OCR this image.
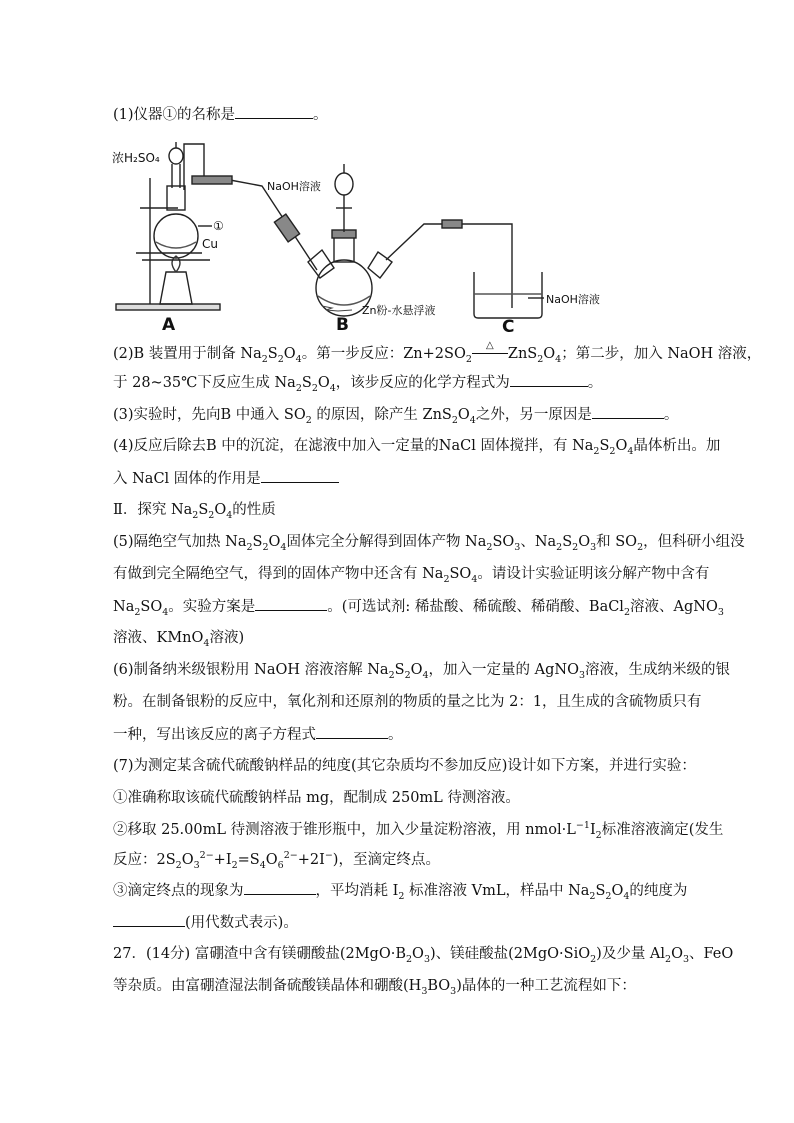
(1)仪器①的名称是	。
浓H₂SO₄
①
Cu
NaOH溶液
Zn粉-水悬浮液
NaOH溶液
A	B	C
(2)B 装置用于制备 $Na_2S_2O_4$。第一步反应：$Zn+2SO_2$
△
$ZnS_2O_4$；第二步，加入 NaOH 溶液，
于 28~35℃下反应生成 $Na_2S_2O_4$，该步反应的化学方程式为	。
(3)实验时，先向B 中通入 $SO_2$ 的原因，除产生 $ZnS_2O_4$之外，另一原因是	。
(4)反应后除去B 中的沉淀，在滤液中加入一定量的NaCl 固体搅拌，有 $Na_2S_2O_4$晶体析出。加
入 NaCl 固体的作用是
Ⅱ．探究 $Na_2S_2O_4$的性质
(5)隔绝空气加热 $Na_2S_2O_4$固体完全分解得到固体产物 $Na_2SO_3$、$Na_2S_2O_3$和 $SO_2$，但科研小组没
有做到完全隔绝空气，得到的固体产物中还含有 $Na_2SO_4$。请设计实验证明该分解产物中含有
$Na_2SO_4$。实验方案是	。(可选试剂: 稀盐酸、稀硫酸、稀硝酸、BaCl$_2$溶液、AgNO$_3$
溶液、KMnO$_4$溶液)
(6)制备纳米级银粉用 NaOH 溶液溶解 $Na_2S_2O_4$，加入一定量的 AgNO$_3$溶液，生成纳米级的银
粉。在制备银粉的反应中，氧化剂和还原剂的物质的量之比为 2：1，且生成的含硫物质只有
一种，写出该反应的离子方程式	。
(7)为测定某含硫代硫酸钠样品的纯度(其它杂质均不参加反应)设计如下方案，并进行实验：
①准确称取该硫代硫酸钠样品 mg，配制成 250mL 待测溶液。
②移取 25.00mL 待测溶液于锥形瓶中，加入少量淀粉溶液，用 $nmol\cdot L^{-1}I_2$标准溶液滴定(发生
反应：$2S_2O_3^{2-}+I_2=S_4O_6^{2-}+2I^-$)，至滴定终点。
③滴定终点的现象为	，平均消耗 $I_2$ 标准溶液 VmL，样品中 $Na_2S_2O_4$的纯度为
(用代数式表示)。
27．(14分) 富硼渣中含有镁硼酸盐$(2MgO\cdot B_2O_3)$、镁硅酸盐(2MgO·SiO$_2$)及少量 $Al_2O_3$、FeO
等杂质。由富硼渣湿法制备硫酸镁晶体和硼酸$(H_3BO_3)$晶体的一种工艺流程如下：
